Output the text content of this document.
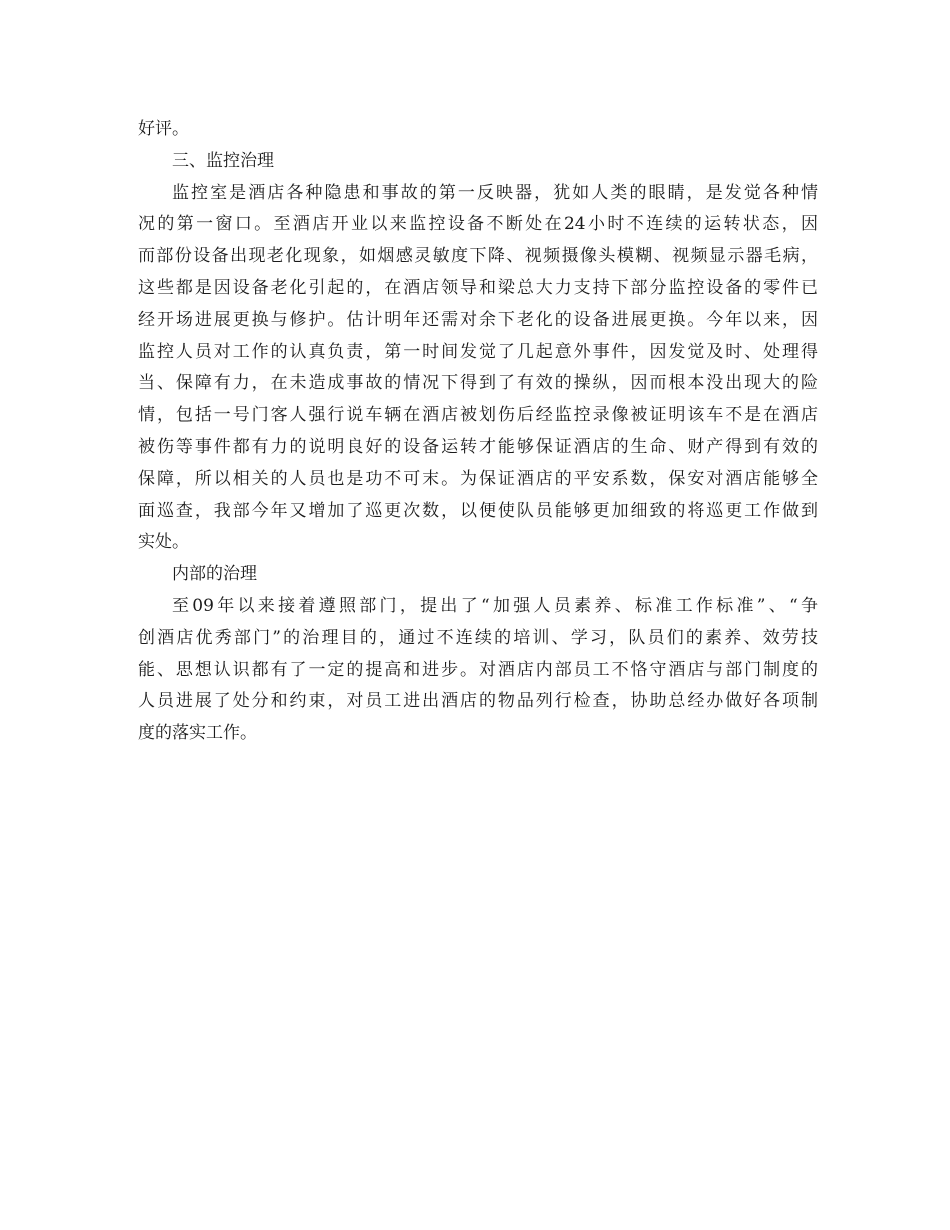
好评。
三、监控治理
监控室是酒店各种隐患和事故的第一反映器，犹如人类的眼睛，是发觉各种情
况的第一窗口。至酒店开业以来监控设备不断处在24小时不连续的运转状态，因
而部份设备出现老化现象，如烟感灵敏度下降、视频摄像头模糊、视频显示器毛病，
这些都是因设备老化引起的，在酒店领导和梁总大力支持下部分监控设备的零件已
经开场进展更换与修护。估计明年还需对余下老化的设备进展更换。今年以来，因
监控人员对工作的认真负责，第一时间发觉了几起意外事件，因发觉及时、处理得
当、保障有力，在未造成事故的情况下得到了有效的操纵，因而根本没出现大的险
情，包括一号门客人强行说车辆在酒店被划伤后经监控录像被证明该车不是在酒店
被伤等事件都有力的说明良好的设备运转才能够保证酒店的生命、财产得到有效的
保障，所以相关的人员也是功不可末。为保证酒店的平安系数，保安对酒店能够全
面巡查，我部今年又增加了巡更次数，以便使队员能够更加细致的将巡更工作做到
实处。
内部的治理
至09年以来接着遵照部门，提出了“加强人员素养、标准工作标准”、“争
创酒店优秀部门”的治理目的，通过不连续的培训、学习，队员们的素养、效劳技
能、思想认识都有了一定的提高和进步。对酒店内部员工不恪守酒店与部门制度的
人员进展了处分和约束，对员工进出酒店的物品列行检查，协助总经办做好各项制
度的落实工作。
